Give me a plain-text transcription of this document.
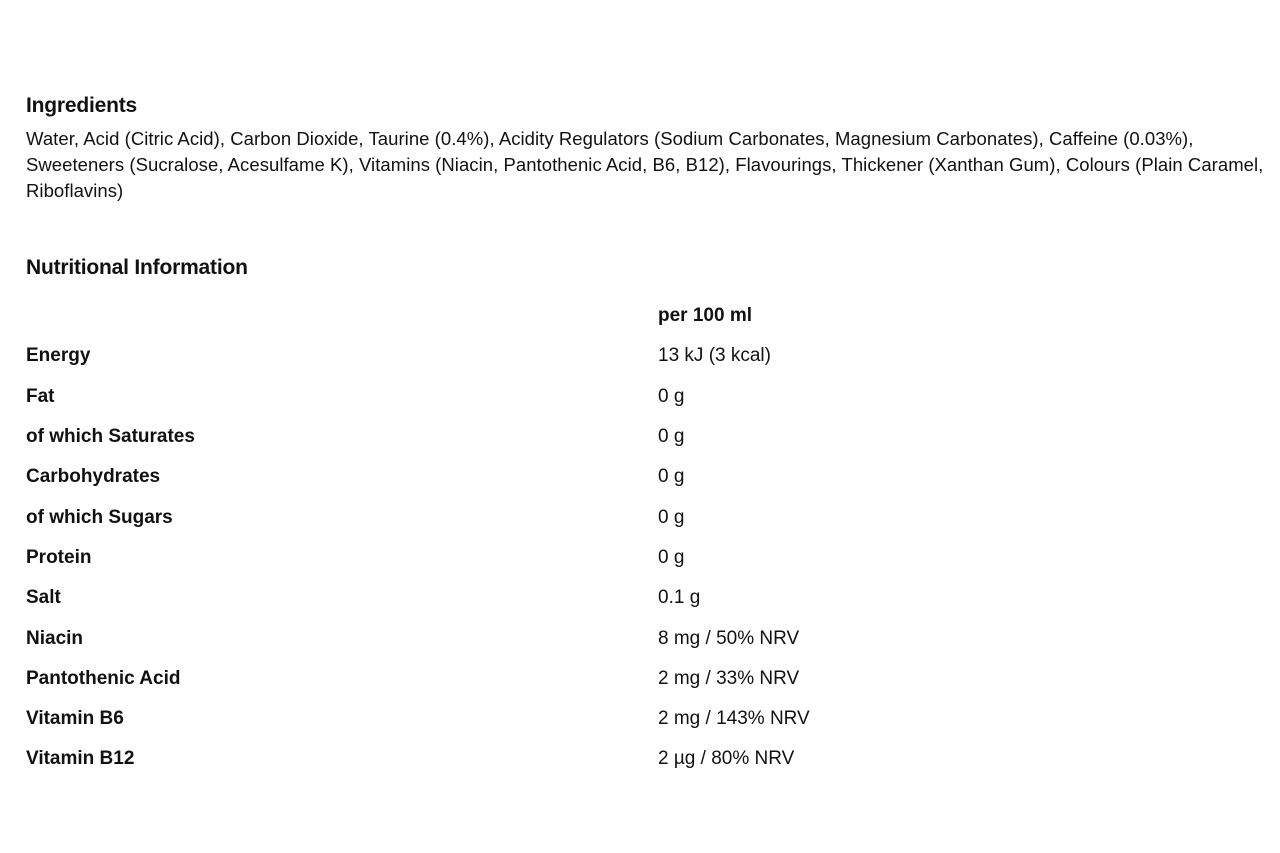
Ingredients

Water, Acid (Citric Acid), Carbon Dioxide, Taurine (0.4%), Acidity Regulators (Sodium Carbonates, Magnesium Carbonates), Caffeine (0.03%), Sweeteners (Sucralose, Acesulfame K), Vitamins (Niacin, Pantothenic Acid, B6, B12), Flavourings, Thickener (Xanthan Gum), Colours (Plain Caramel, Riboflavins)

Nutritional Information
	per 100 ml
Energy	13 kJ (3 kcal)
Fat	0 g
of which Saturates	0 g
Carbohydrates	0 g
of which Sugars	0 g
Protein	0 g
Salt	0.1 g
Niacin	8 mg / 50% NRV
Pantothenic Acid	2 mg / 33% NRV
Vitamin B6	2 mg / 143% NRV
Vitamin B12	2 µg / 80% NRV
